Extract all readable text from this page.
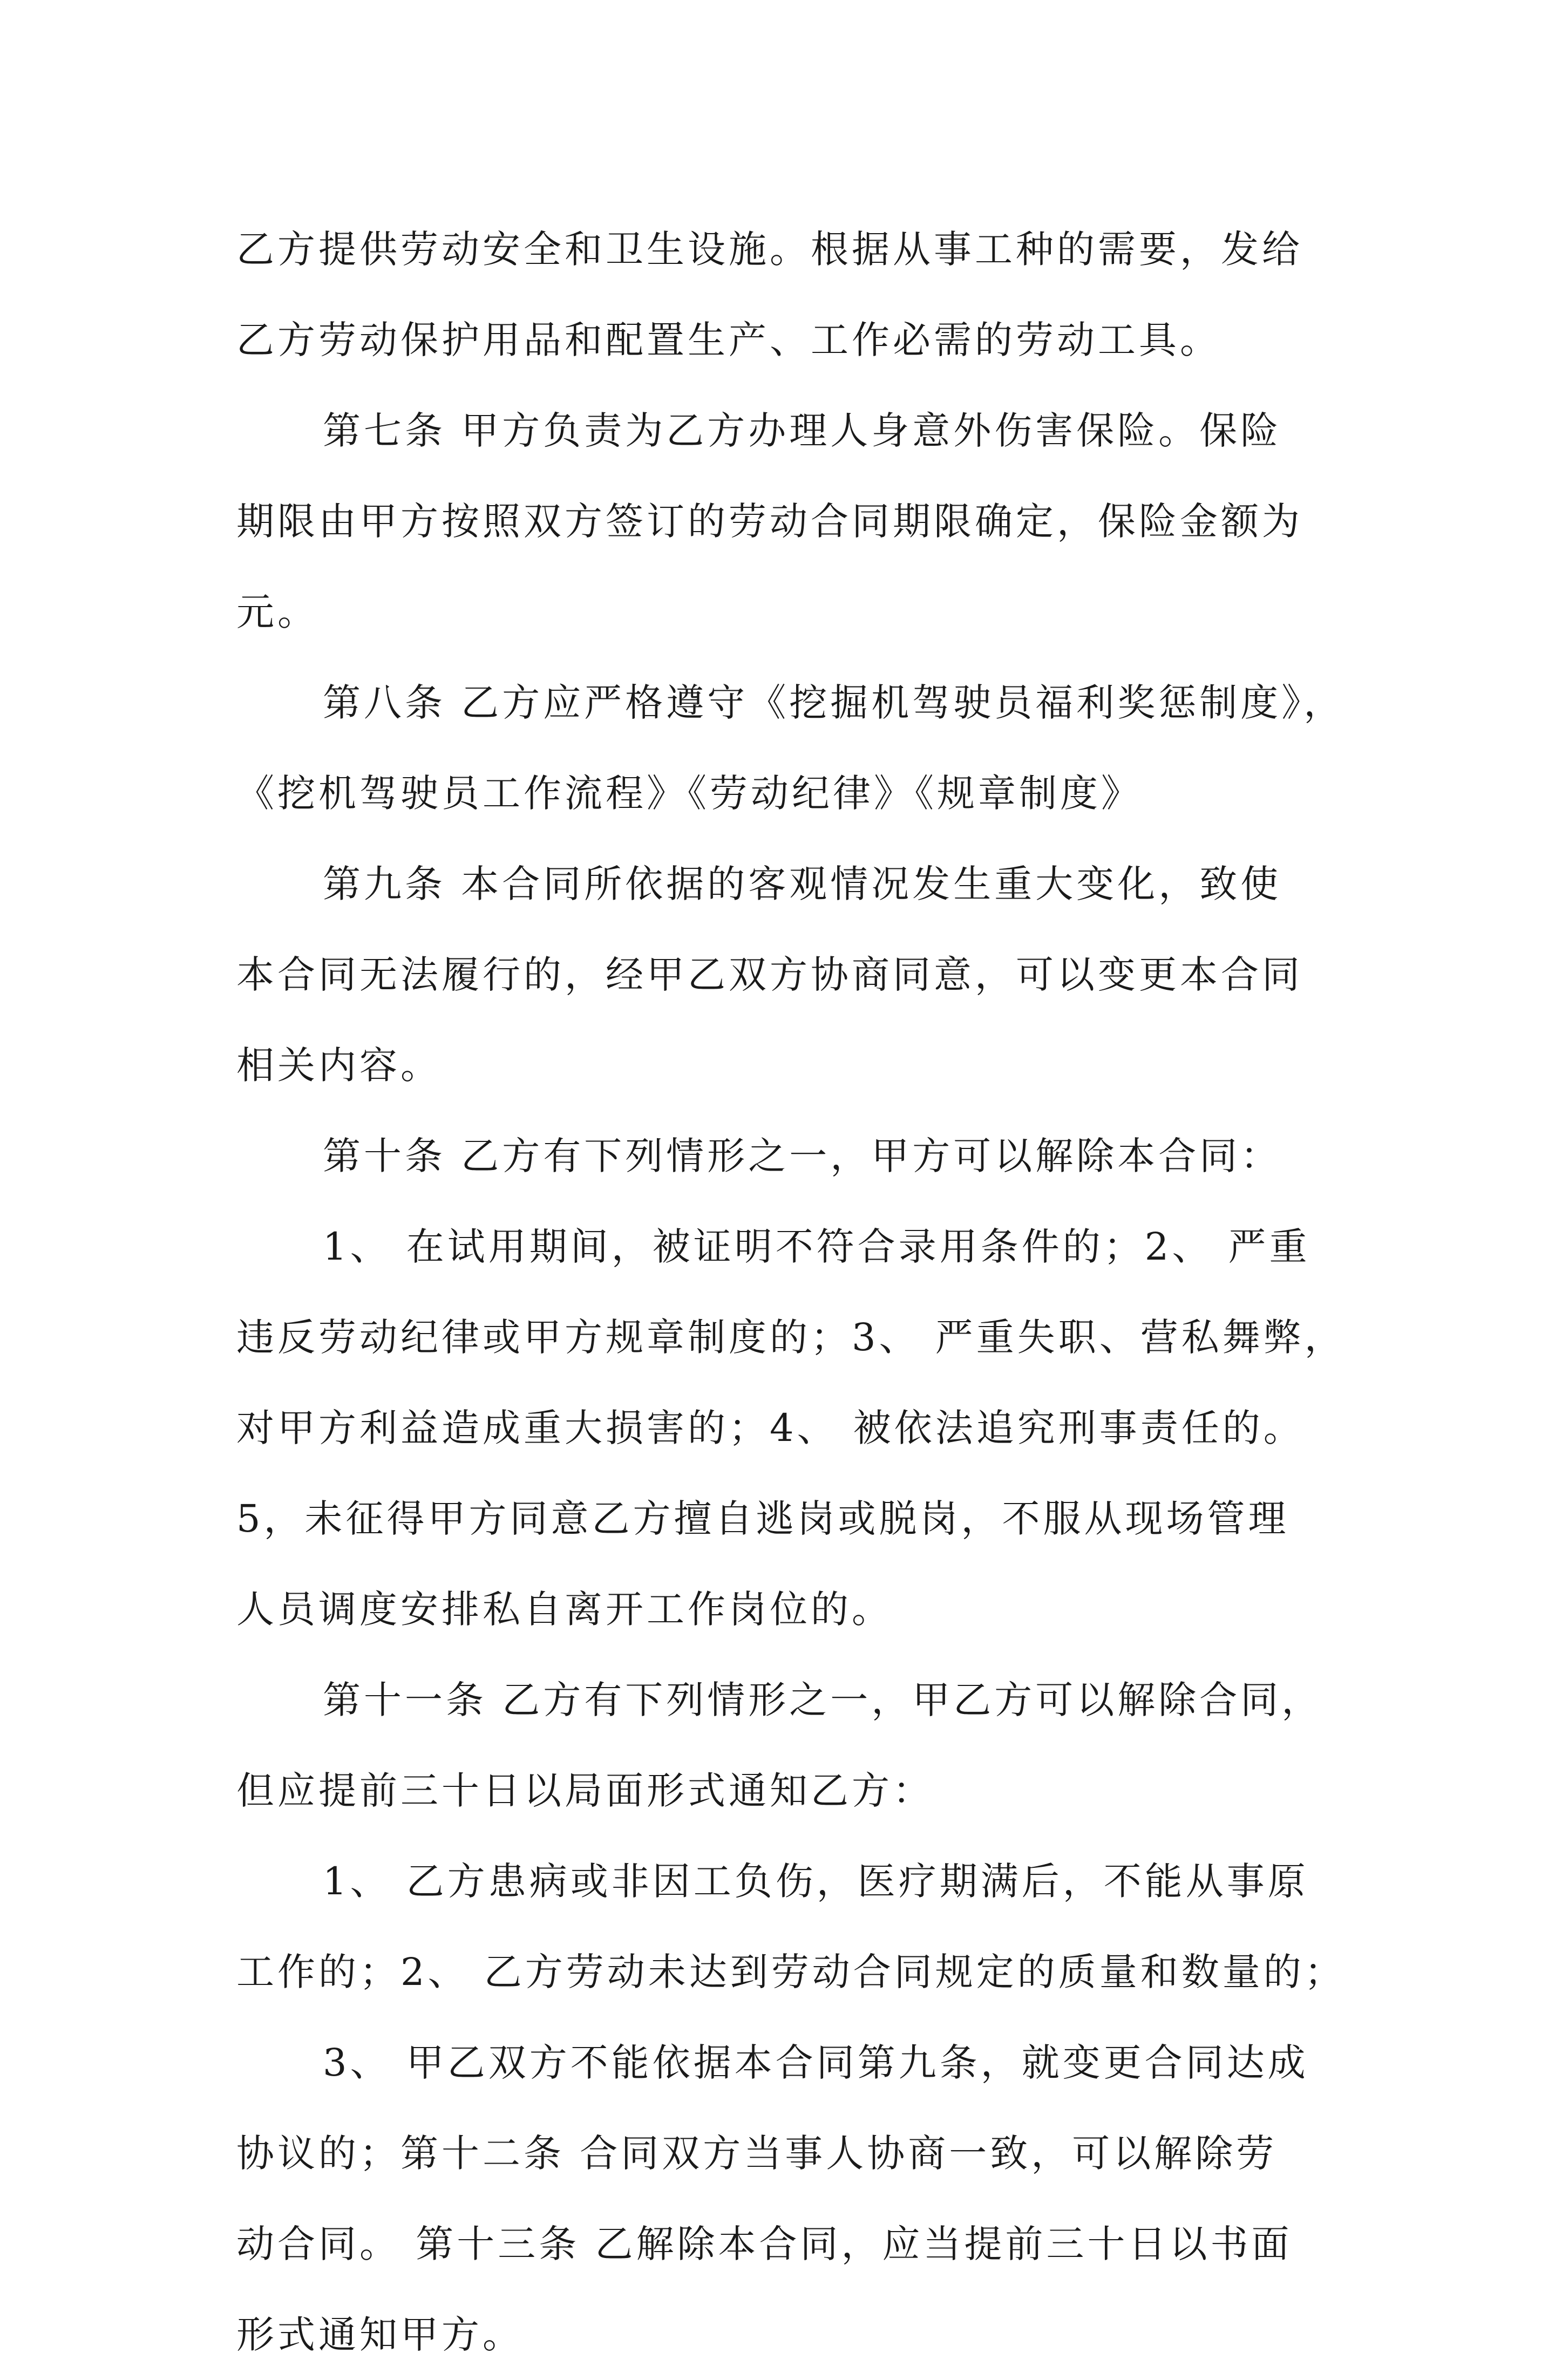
乙方提供劳动安全和卫生设施。根据从事工种的需要，发给
乙方劳动保护用品和配置生产、工作必需的劳动工具。
第七条 甲方负责为乙方办理人身意外伤害保险。保险
期限由甲方按照双方签订的劳动合同期限确定，保险金额为
元。
第八条 乙方应严格遵守《挖掘机驾驶员福利奖惩制度》，
《挖机驾驶员工作流程》《劳动纪律》《规章制度》
第九条 本合同所依据的客观情况发生重大变化，致使
本合同无法履行的，经甲乙双方协商同意，可以变更本合同
相关内容。
第十条 乙方有下列情形之一，甲方可以解除本合同：
1、 在试用期间，被证明不符合录用条件的；2、 严重
违反劳动纪律或甲方规章制度的；3、 严重失职、营私舞弊，
对甲方利益造成重大损害的；4、 被依法追究刑事责任的。
5，未征得甲方同意乙方擅自逃岗或脱岗，不服从现场管理
人员调度安排私自离开工作岗位的。
第十一条 乙方有下列情形之一，甲乙方可以解除合同，
但应提前三十日以局面形式通知乙方：
1、 乙方患病或非因工负伤，医疗期满后，不能从事原
工作的；2、 乙方劳动未达到劳动合同规定的质量和数量的；
3、 甲乙双方不能依据本合同第九条，就变更合同达成
协议的；第十二条 合同双方当事人协商一致，可以解除劳
动合同。 第十三条 乙解除本合同，应当提前三十日以书面
形式通知甲方。
